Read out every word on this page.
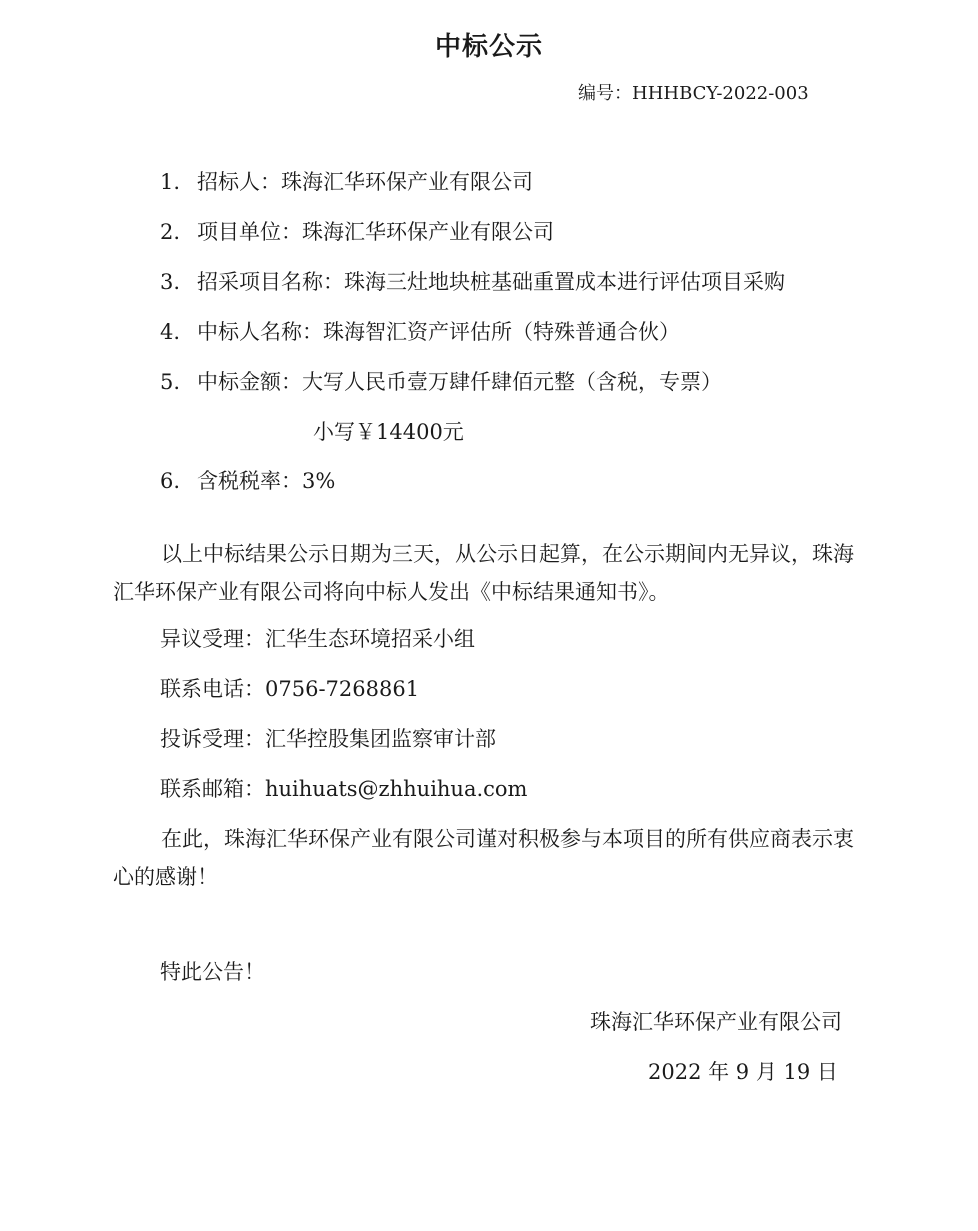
中标公示
编号：HHHBCY-2022-003
1. 招标人：珠海汇华环保产业有限公司
2. 项目单位：珠海汇华环保产业有限公司
3. 招采项目名称：珠海三灶地块桩基础重置成本进行评估项目采购
4. 中标人名称：珠海智汇资产评估所（特殊普通合伙）
5. 中标金额：大写人民币壹万肆仟肆佰元整（含税，专票）
小写￥14400元
6. 含税税率：3%
以上中标结果公示日期为三天，从公示日起算，在公示期间内无异议，珠海汇华环保产业有限公司将向中标人发出《中标结果通知书》。
异议受理：汇华生态环境招采小组
联系电话：0756-7268861
投诉受理：汇华控股集团监察审计部
联系邮箱：huihuats@zhhuihua.com
在此，珠海汇华环保产业有限公司谨对积极参与本项目的所有供应商表示衷心的感谢！
特此公告！
珠海汇华环保产业有限公司
2022 年 9 月 19 日
